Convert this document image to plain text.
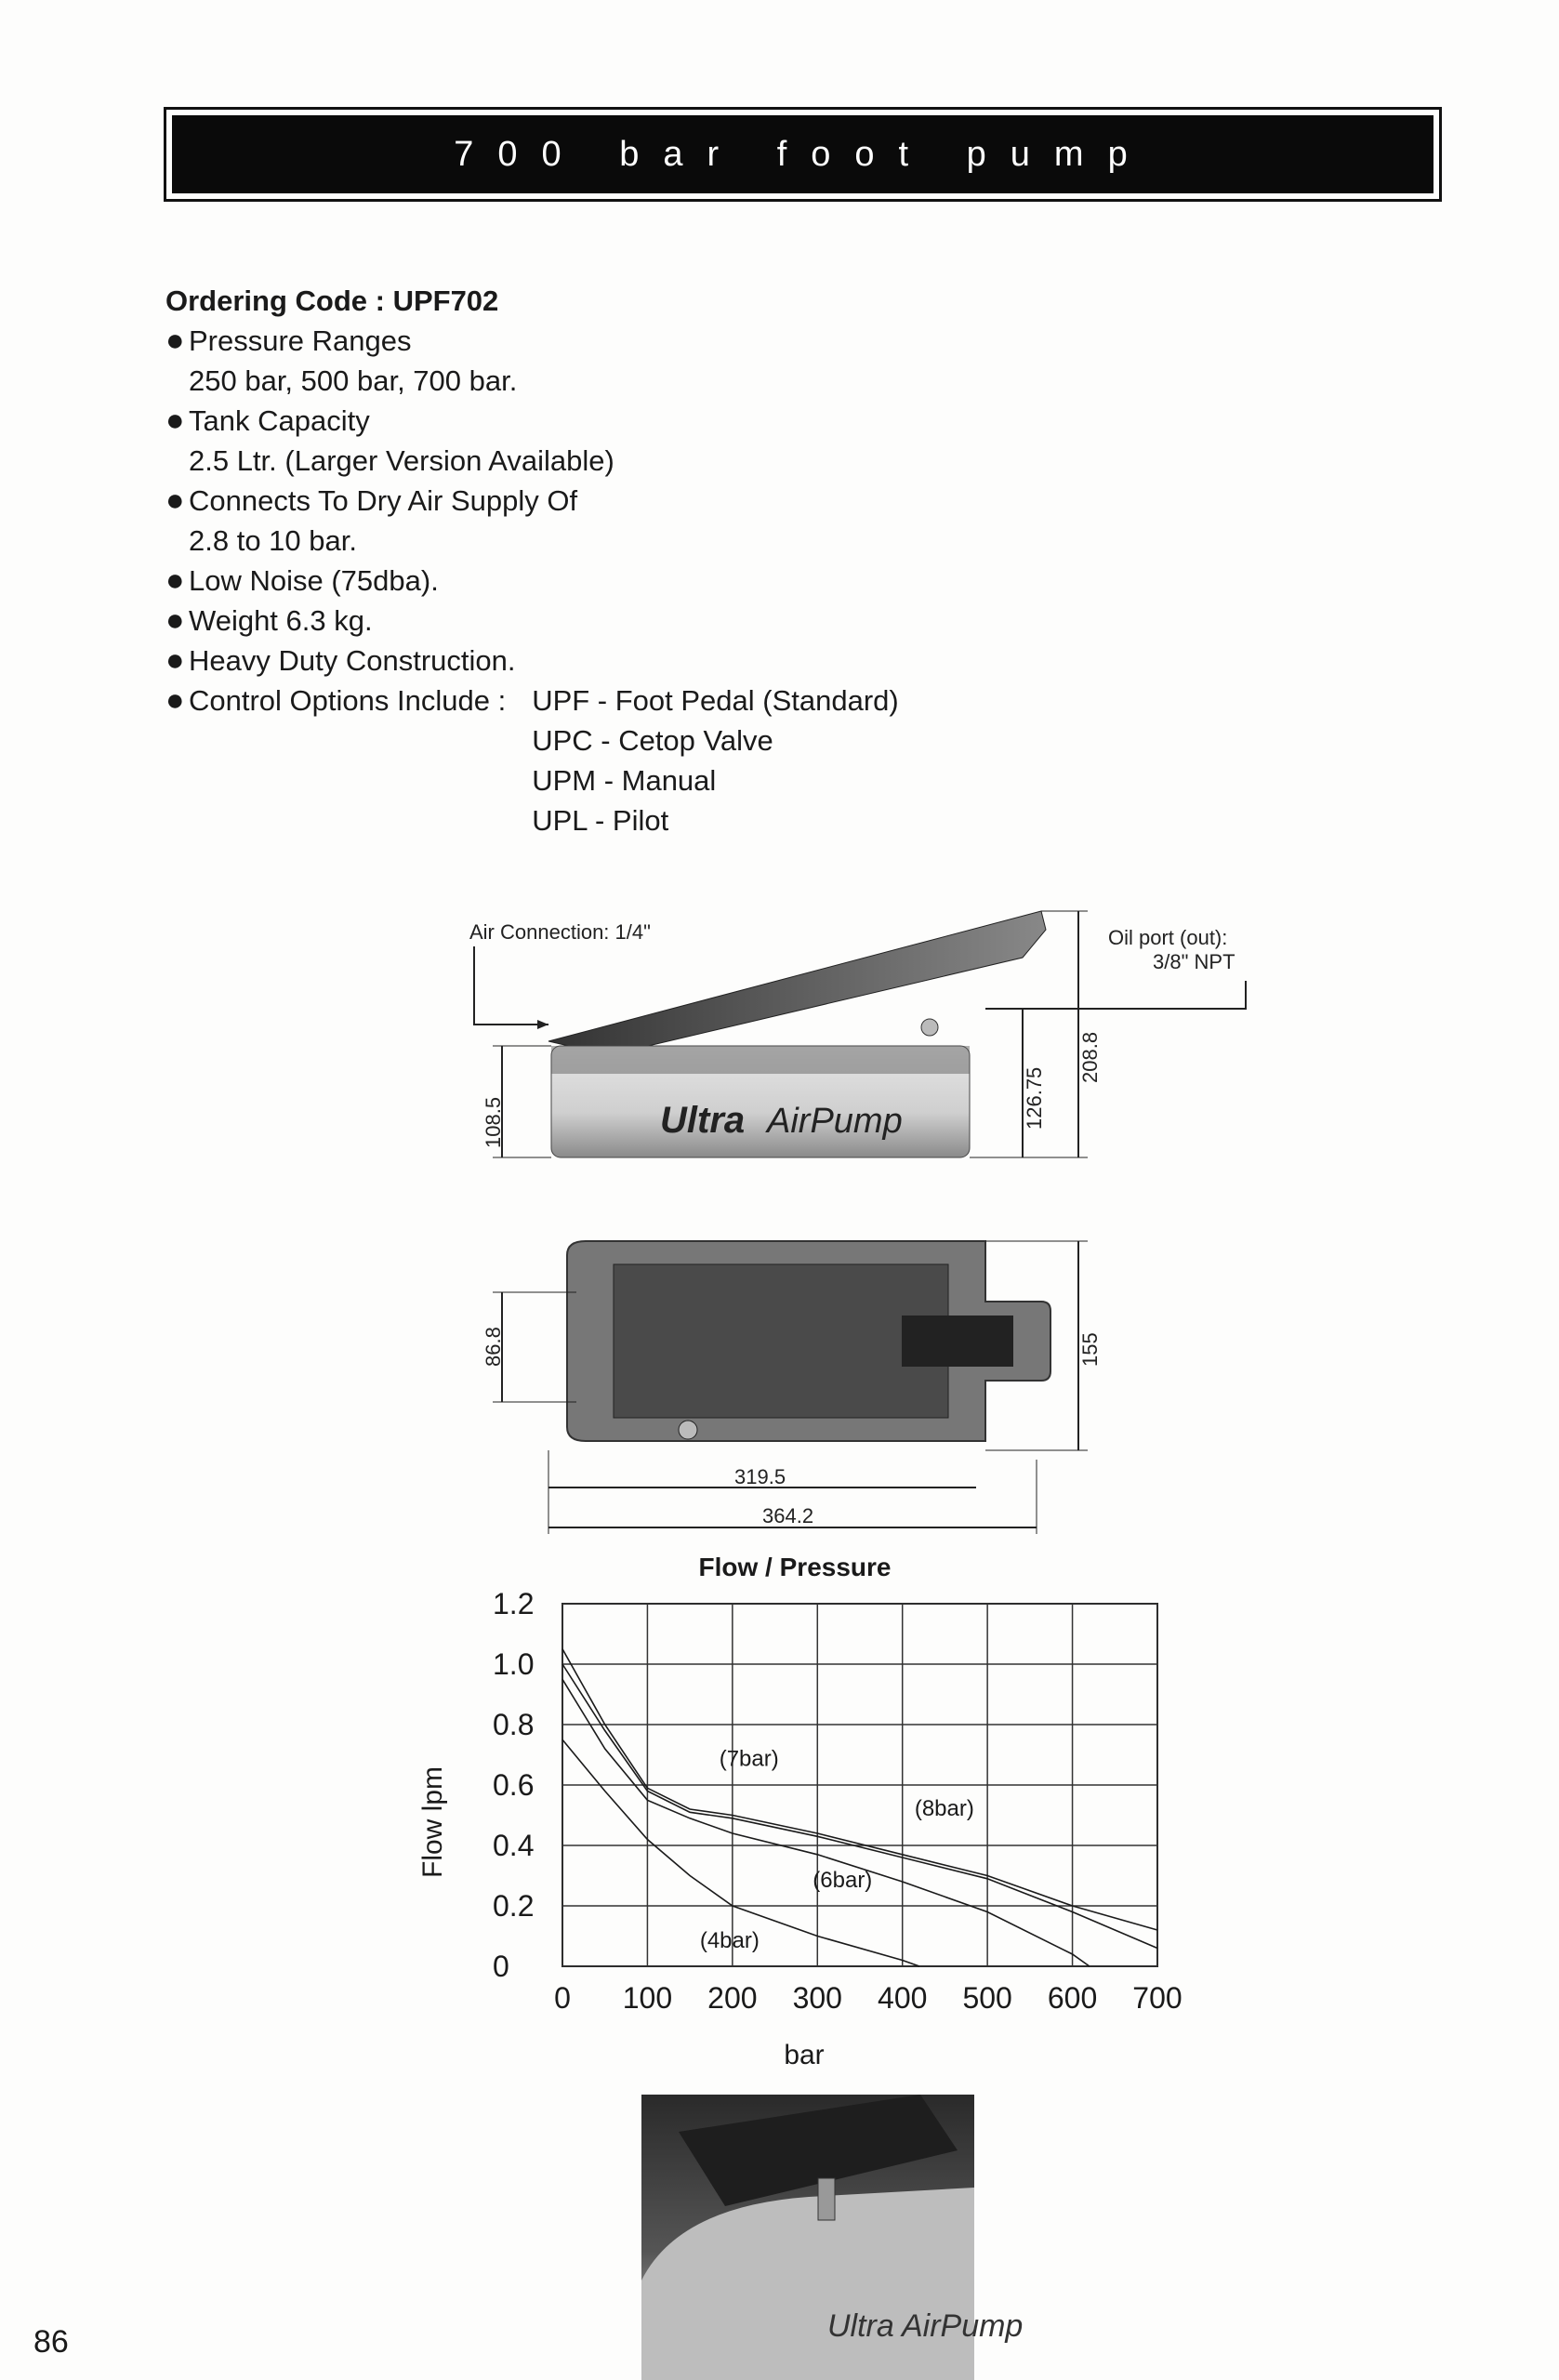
700 bar foot pump
Ordering Code : UPF702
● Pressure Ranges
250 bar, 500 bar, 700 bar.
● Tank Capacity
2.5 Ltr. (Larger Version Available)
● Connects To Dry Air Supply Of
2.8 to 10 bar.
● Low Noise (75dba).
● Weight 6.3 kg.
● Heavy Duty Construction.
● Control Options Include : UPF - Foot Pedal (Standard)
UPC - Cetop Valve
UPM - Manual
UPL - Pilot
Ultra AirPump
Air Connection: 1/4"	Oil port (out):
3/8" NPT
108.5	126.75
208.8
86.8	155
319.5
364.2
Flow / Pressure
bar
Flow lpm
0 100 200 300 400 500 600 700
0
0.2
0.4
0.6
0.8
1.0
1.2
(4bar)
(6bar)
(7bar)
(8bar)
Ultra AirPump
86
